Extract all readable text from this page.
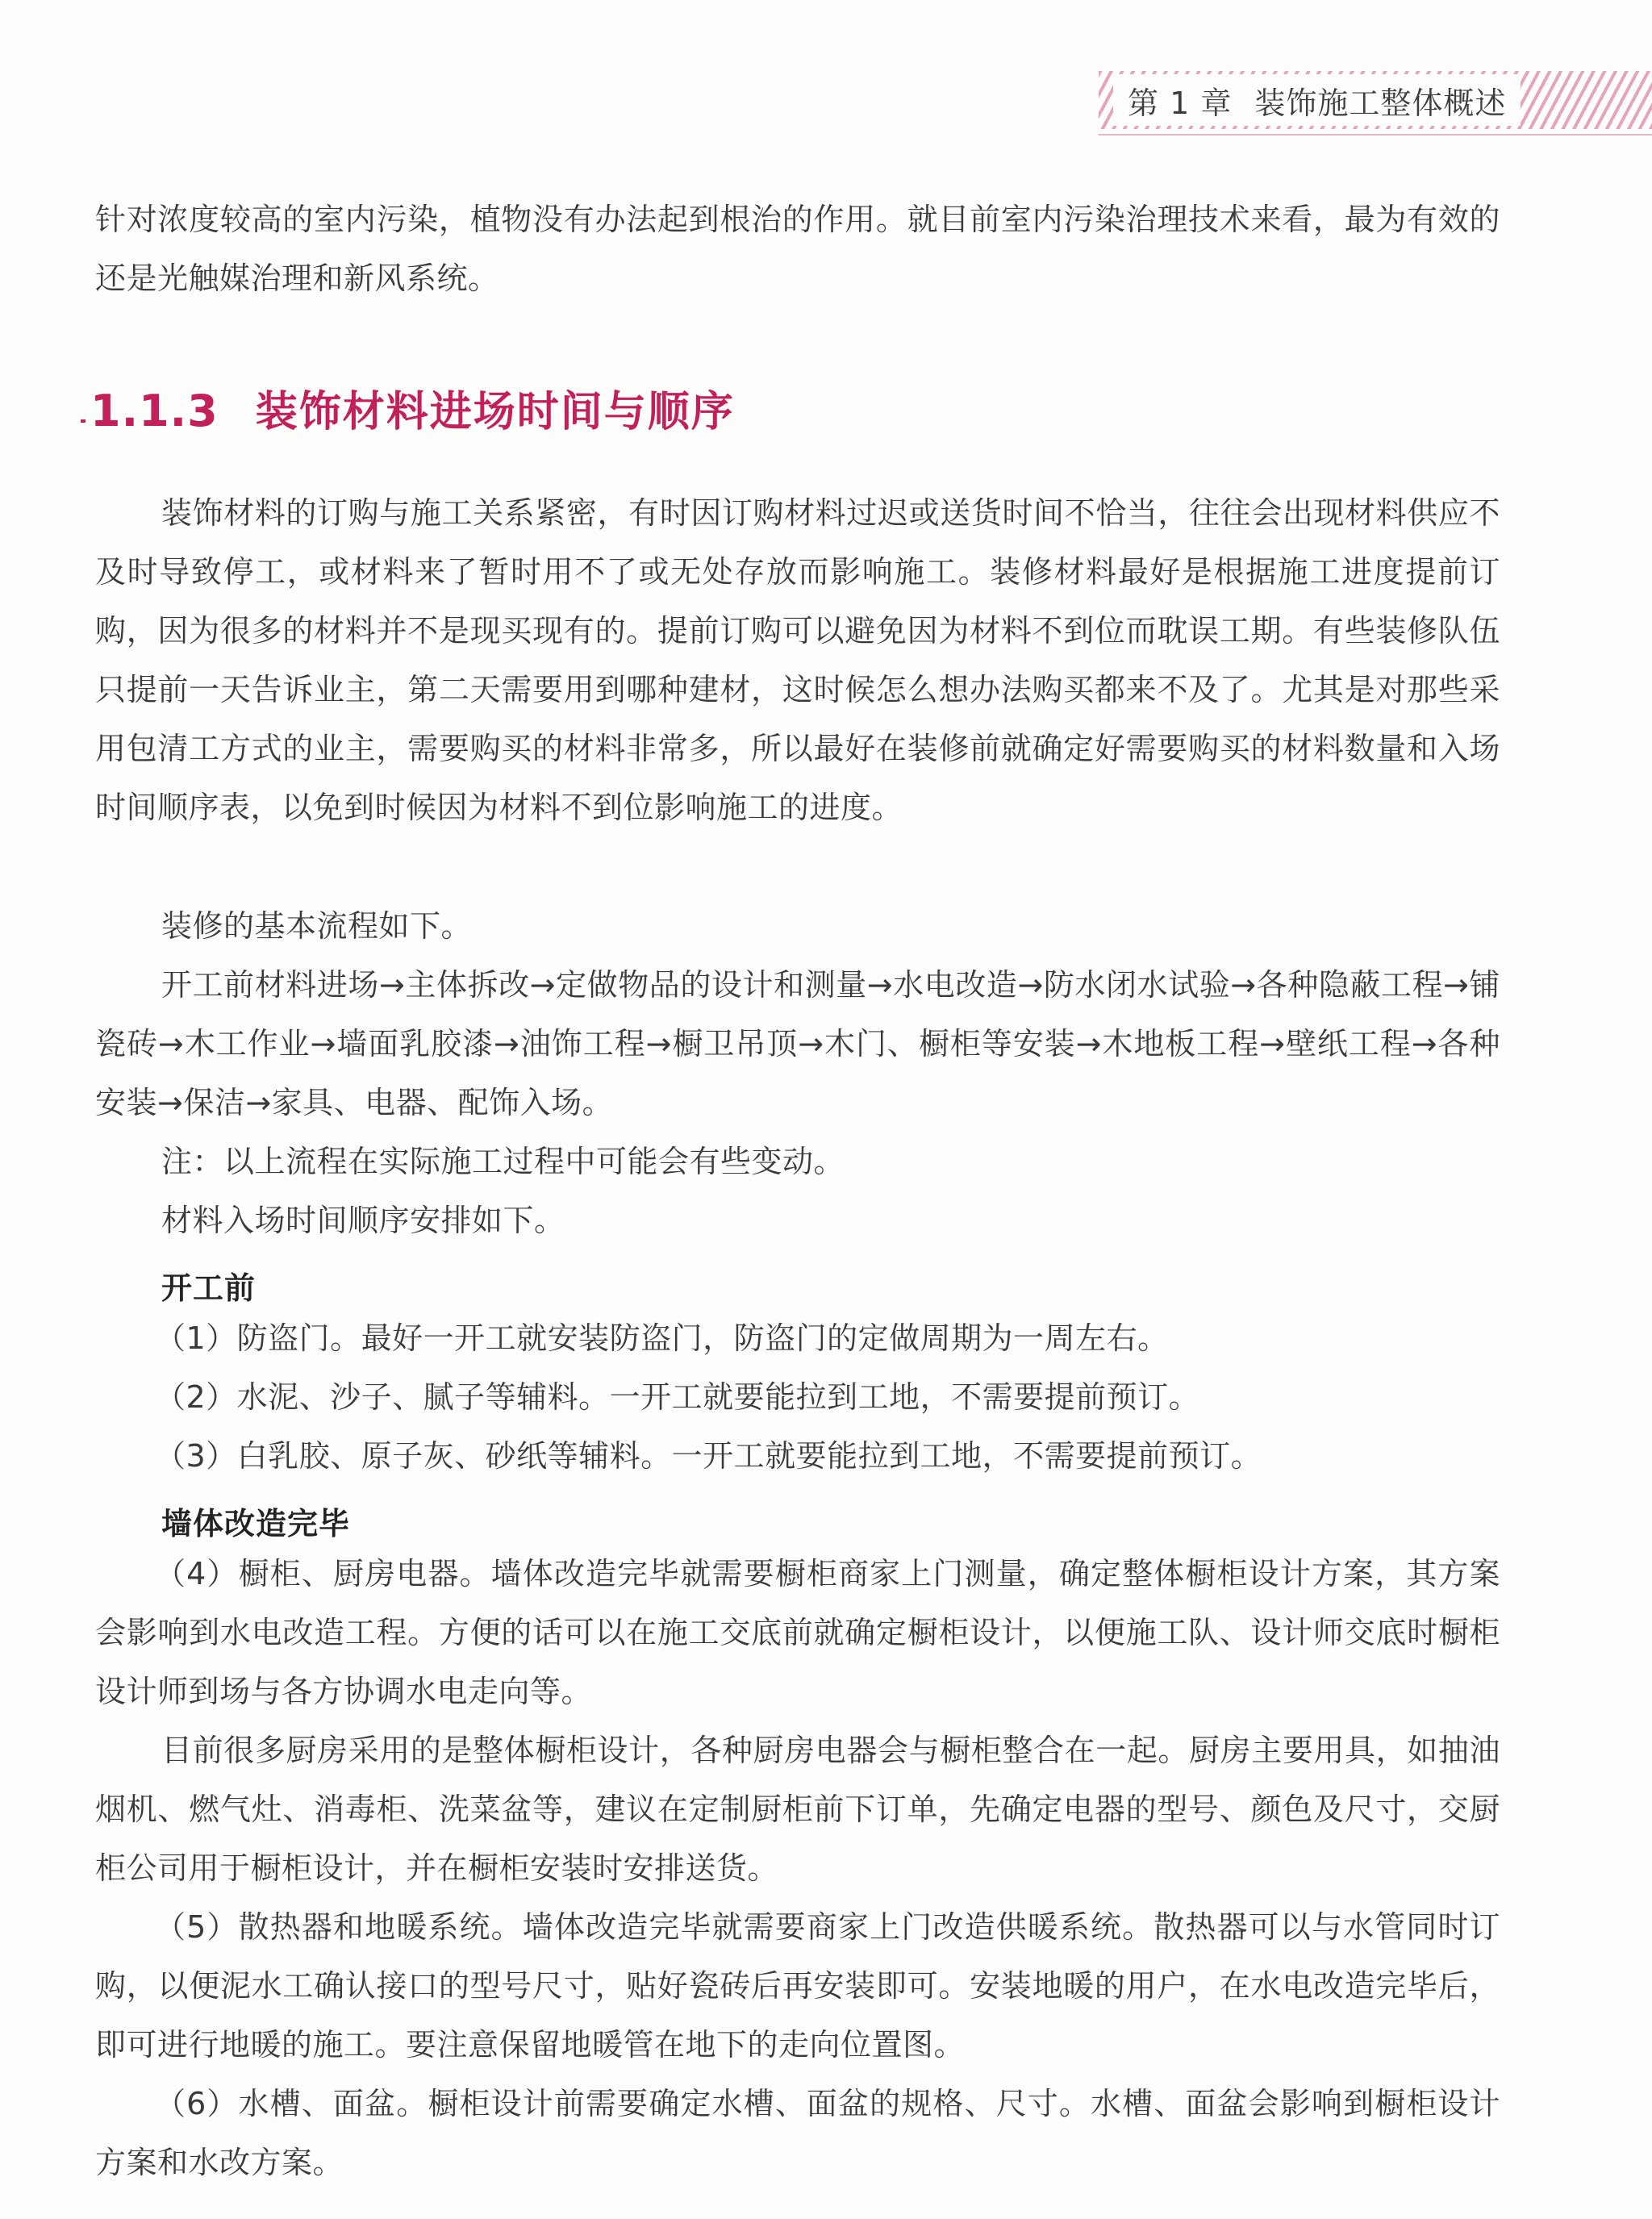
第 1 章 装饰施工整体概述

针对浓度较高的室内污染，植物没有办法起到根治的作用。就目前室内污染治理技术来看，最为有效的还是光触媒治理和新风系统。

1.1.3 装饰材料进场时间与顺序

装饰材料的订购与施工关系紧密，有时因订购材料过迟或送货时间不恰当，往往会出现材料供应不及时导致停工，或材料来了暂时用不了或无处存放而影响施工。装修材料最好是根据施工进度提前订购，因为很多的材料并不是现买现有的。提前订购可以避免因为材料不到位而耽误工期。有些装修队伍只提前一天告诉业主，第二天需要用到哪种建材，这时候怎么想办法购买都来不及了。尤其是对那些采用包清工方式的业主，需要购买的材料非常多，所以最好在装修前就确定好需要购买的材料数量和入场时间顺序表，以免到时候因为材料不到位影响施工的进度。

装修的基本流程如下。

开工前材料进场→主体拆改→定做物品的设计和测量→水电改造→防水闭水试验→各种隐蔽工程→铺瓷砖→木工作业→墙面乳胶漆→油饰工程→橱卫吊顶→木门、橱柜等安装→木地板工程→壁纸工程→各种安装→保洁→家具、电器、配饰入场。

注：以上流程在实际施工过程中可能会有些变动。

材料入场时间顺序安排如下。

开工前

（1）防盗门。最好一开工就安装防盗门，防盗门的定做周期为一周左右。

（2）水泥、沙子、腻子等辅料。一开工就要能拉到工地，不需要提前预订。

（3）白乳胶、原子灰、砂纸等辅料。一开工就要能拉到工地，不需要提前预订。

墙体改造完毕

（4）橱柜、厨房电器。墙体改造完毕就需要橱柜商家上门测量，确定整体橱柜设计方案，其方案会影响到水电改造工程。方便的话可以在施工交底前就确定橱柜设计，以便施工队、设计师交底时橱柜设计师到场与各方协调水电走向等。

目前很多厨房采用的是整体橱柜设计，各种厨房电器会与橱柜整合在一起。厨房主要用具，如抽油烟机、燃气灶、消毒柜、洗菜盆等，建议在定制厨柜前下订单，先确定电器的型号、颜色及尺寸，交厨柜公司用于橱柜设计，并在橱柜安装时安排送货。

（5）散热器和地暖系统。墙体改造完毕就需要商家上门改造供暖系统。散热器可以与水管同时订购，以便泥水工确认接口的型号尺寸，贴好瓷砖后再安装即可。安装地暖的用户，在水电改造完毕后，即可进行地暖的施工。要注意保留地暖管在地下的走向位置图。

（6）水槽、面盆。橱柜设计前需要确定水槽、面盆的规格、尺寸。水槽、面盆会影响到橱柜设计方案和水改方案。
